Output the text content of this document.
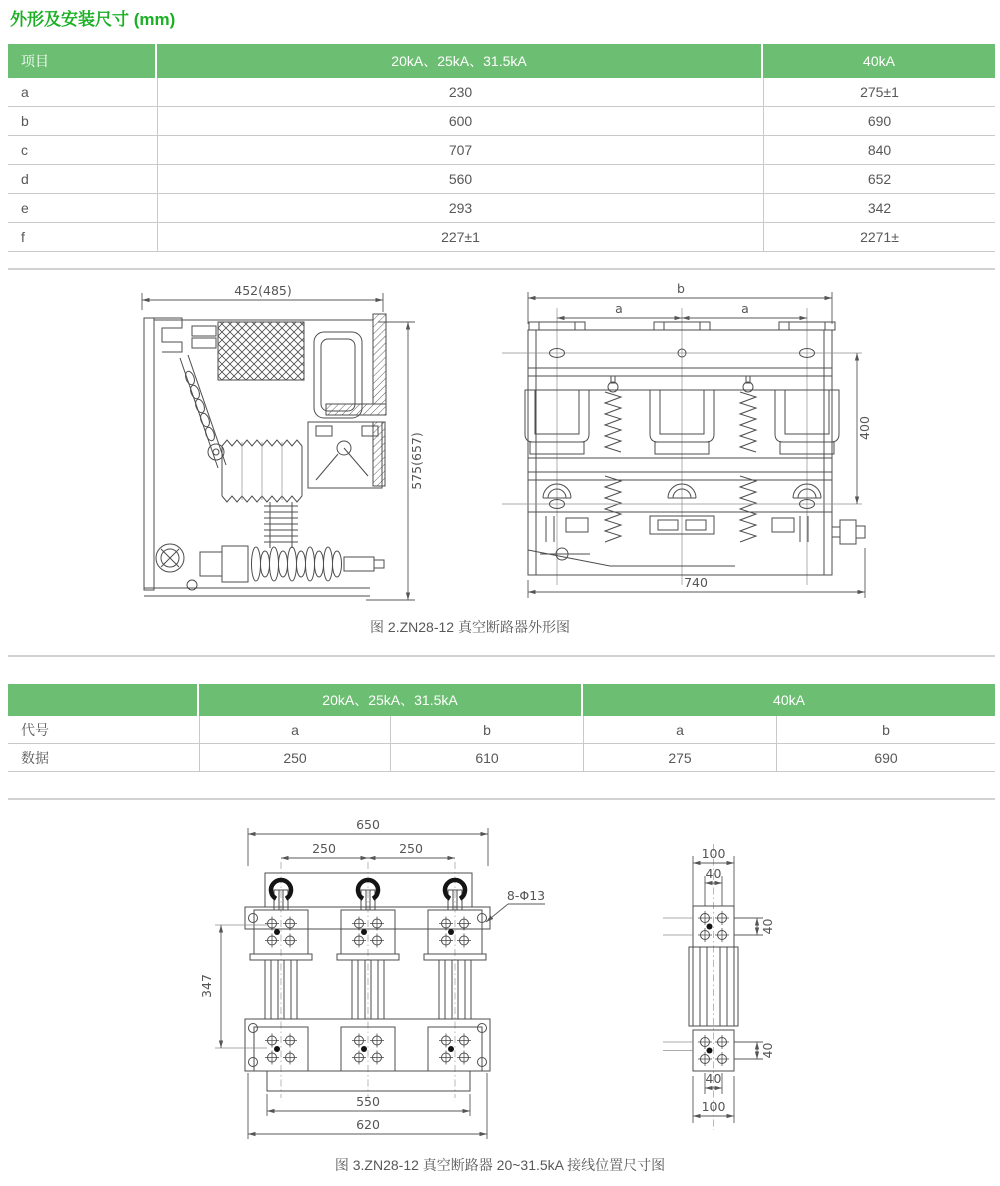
外形及安装尺寸 (mm)
项目	20kA、25kA、31.5kA	40kA
a	230	275±1
b	600	690
c	707	840
d	560	652
e	293	342
f	227±1	2271±
452(485)
575(657)
b
a	a
400
740
图 2.ZN28-12 真空断路器外形图
20kA、25kA、31.5kA	40kA
代号	a	b	a	b
数据	250	610	275	690
650
250	250
550
620
347
8-Φ13
100
40
40
40
40
100
图 3.ZN28-12 真空断路器 20~31.5kA 接线位置尺寸图
